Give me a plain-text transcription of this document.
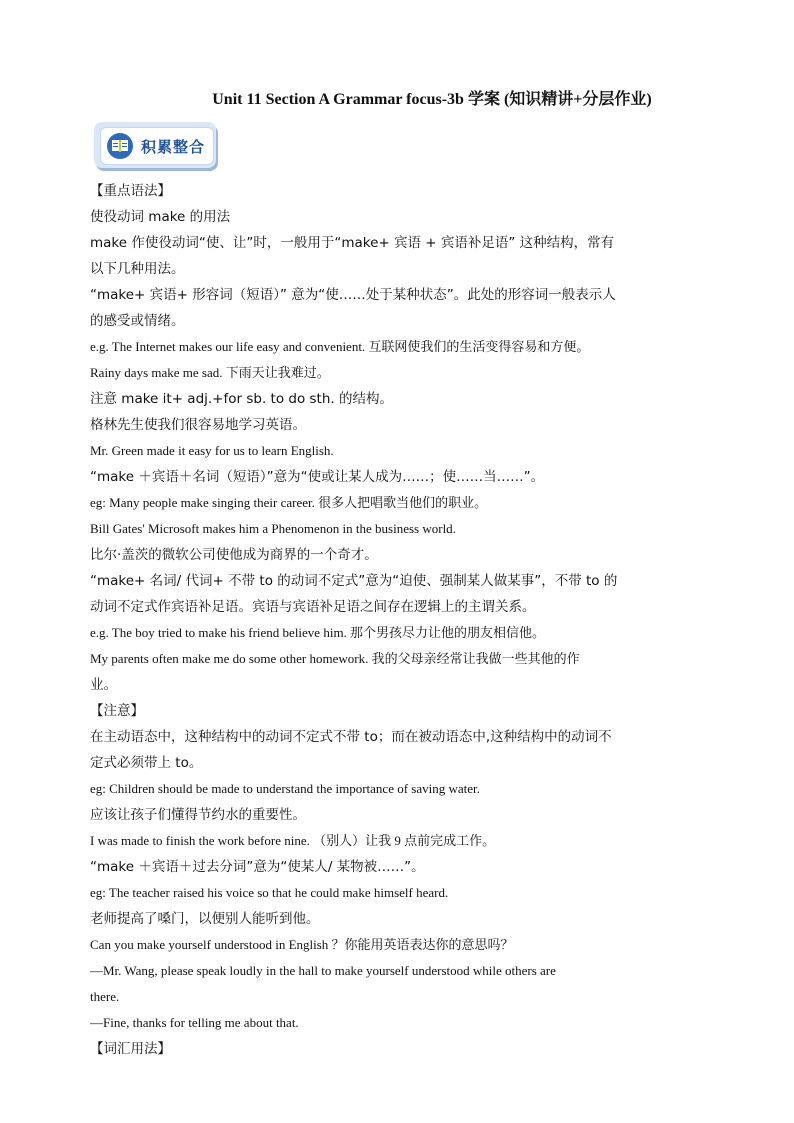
Unit 11 Section A Grammar focus-3b 学案 (知识精讲+分层作业)
积累整合
【重点语法】
使役动词 make 的用法
make 作使役动词“使、让”时，一般用于“make+ 宾语 + 宾语补足语” 这种结构，常有
以下几种用法。
“make+ 宾语+ 形容词（短语）” 意为“使……处于某种状态”。此处的形容词一般表示人
的感受或情绪。
e.g. The Internet makes our life easy and convenient. 互联网使我们的生活变得容易和方便。
Rainy days make me sad. 下雨天让我难过。
注意 make it+ adj.+for sb. to do sth. 的结构。
格林先生使我们很容易地学习英语。
Mr. Green made it easy for us to learn English.
“make ＋宾语＋名词（短语）”意为“使或让某人成为……；使……当……”。
eg: Many people make singing their career. 很多人把唱歌当他们的职业。
Bill Gates' Microsoft makes him a Phenomenon in the business world.
比尔·盖茨的微软公司使他成为商界的一个奇才。
“make+ 名词/ 代词+ 不带 to 的动词不定式”意为“迫使、强制某人做某事”，不带 to 的
动词不定式作宾语补足语。宾语与宾语补足语之间存在逻辑上的主谓关系。
e.g. The boy tried to make his friend believe him. 那个男孩尽力让他的朋友相信他。
My parents often make me do some other homework. 我的父母亲经常让我做一些其他的作
业。
【注意】
在主动语态中，这种结构中的动词不定式不带 to；而在被动语态中,这种结构中的动词不
定式必须带上 to。
eg: Children should be made to understand the importance of saving water.
应该让孩子们懂得节约水的重要性。
I was made to finish the work before nine. （别人）让我 9 点前完成工作。
“make ＋宾语＋过去分词”意为“使某人/ 某物被……”。
eg: The teacher raised his voice so that he could make himself heard.
老师提高了嗓门，以便别人能听到他。
Can you make yourself understood in English ？你能用英语表达你的意思吗？
—Mr. Wang, please speak loudly in the hall to make yourself understood while others are
there.
—Fine, thanks for telling me about that.
【词汇用法】
